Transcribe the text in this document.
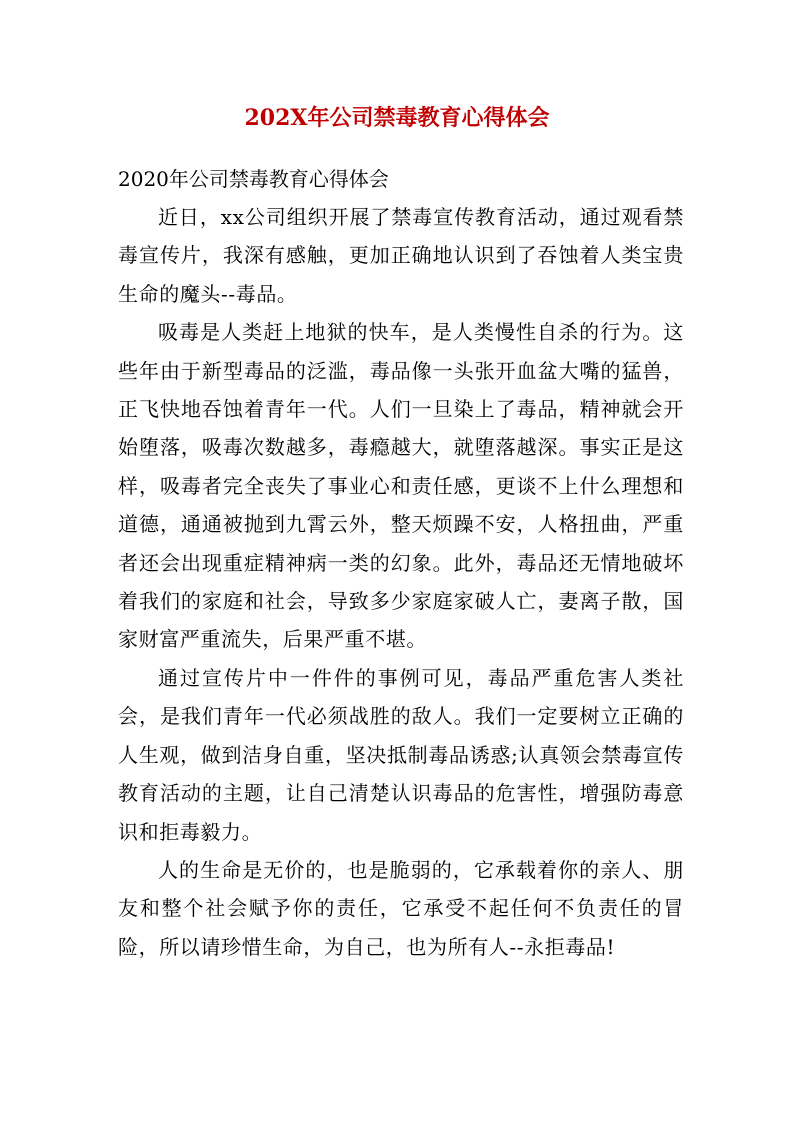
202X年公司禁毒教育心得体会

2020年公司禁毒教育心得体会

近日，xx公司组织开展了禁毒宣传教育活动，通过观看禁毒宣传片，我深有感触，更加正确地认识到了吞蚀着人类宝贵生命的魔头--毒品。

吸毒是人类赶上地狱的快车，是人类慢性自杀的行为。这些年由于新型毒品的泛滥，毒品像一头张开血盆大嘴的猛兽，正飞快地吞蚀着青年一代。人们一旦染上了毒品，精神就会开始堕落，吸毒次数越多，毒瘾越大，就堕落越深。事实正是这样，吸毒者完全丧失了事业心和责任感，更谈不上什么理想和道德，通通被抛到九霄云外，整天烦躁不安，人格扭曲，严重者还会出现重症精神病一类的幻象。此外，毒品还无情地破坏着我们的家庭和社会，导致多少家庭家破人亡，妻离子散，国家财富严重流失，后果严重不堪。

通过宣传片中一件件的事例可见，毒品严重危害人类社会，是我们青年一代必须战胜的敌人。我们一定要树立正确的人生观，做到洁身自重，坚决抵制毒品诱惑;认真领会禁毒宣传教育活动的主题，让自己清楚认识毒品的危害性，增强防毒意识和拒毒毅力。

人的生命是无价的，也是脆弱的，它承载着你的亲人、朋友和整个社会赋予你的责任，它承受不起任何不负责任的冒险，所以请珍惜生命，为自己，也为所有人--永拒毒品!
